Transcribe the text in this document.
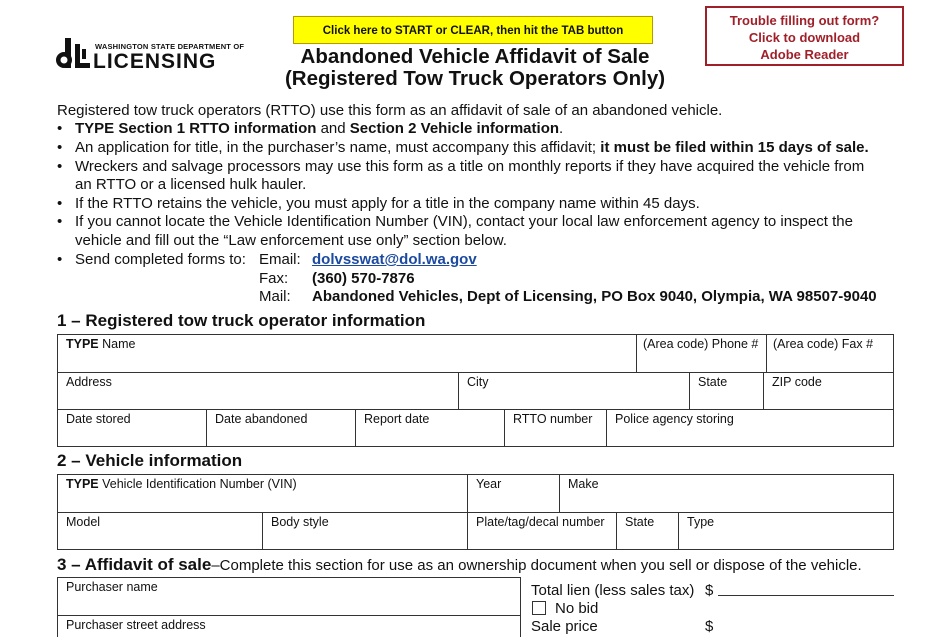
WASHINGTON STATE DEPARTMENT OF
LICENSING
Click here to START or CLEAR, then hit the TAB button
Trouble filling out form?
Click to download
Adobe Reader
Abandoned Vehicle Affidavit of Sale
(Registered Tow Truck Operators Only)
Registered tow truck operators (RTTO) use this form as an affidavit of sale of an abandoned vehicle.
• TYPE Section 1 RTTO information and Section 2 Vehicle information.
• An application for title, in the purchaser’s name, must accompany this affidavit; it must be filed within 15 days of sale.
• Wreckers and salvage processors may use this form as a title on monthly reports if they have acquired the vehicle from
an RTTO or a licensed hulk hauler.
• If the RTTO retains the vehicle, you must apply for a title in the company name within 45 days.
• If you cannot locate the Vehicle Identification Number (VIN), contact your local law enforcement agency to inspect the
vehicle and fill out the “Law enforcement use only” section below.
• Send completed forms to: Email: dolvsswat@dol.wa.gov
Fax: (360) 570-7876
Mail: Abandoned Vehicles, Dept of Licensing, PO Box 9040, Olympia, WA 98507-9040
1 – Registered tow truck operator information
TYPE Name	(Area code) Phone #	(Area code) Fax #
Address	City	State	ZIP code
Date stored	Date abandoned	Report date	RTTO number	Police agency storing
2 – Vehicle information
TYPE Vehicle Identification Number (VIN)	Year	Make
Model	Body style	Plate/tag/decal number	State	Type
3 – Affidavit of sale–Complete this section for use as an ownership document when you sell or dispose of the vehicle.
Purchaser name
Purchaser street address
Total lien (less sales tax) $
No bid
Sale price	$
